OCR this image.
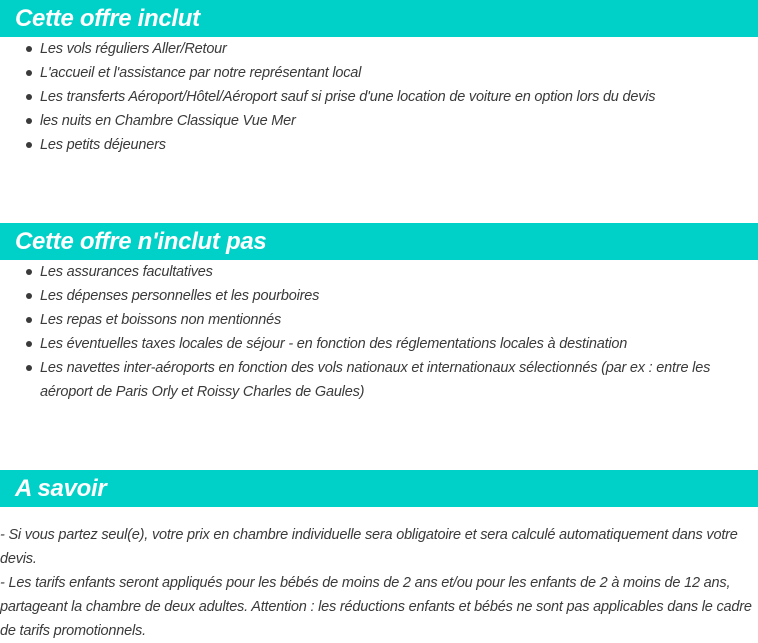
Cette offre inclut
Les vols réguliers Aller/Retour
L'accueil et l'assistance par notre représentant local
Les transferts Aéroport/Hôtel/Aéroport sauf si prise d'une location de voiture en option lors du devis
les nuits en Chambre Classique Vue Mer
Les petits déjeuners
Cette offre n'inclut pas
Les assurances facultatives
Les dépenses personnelles et les pourboires
Les repas et boissons non mentionnés
Les éventuelles taxes locales de séjour - en fonction des réglementations locales à destination
Les navettes inter-aéroports en fonction des vols nationaux et internationaux sélectionnés (par ex : entre les aéroport de Paris Orly et Roissy Charles de Gaules)
A savoir

- Si vous partez seul(e), votre prix en chambre individuelle sera obligatoire et sera calculé automatiquement dans votre devis.

- Les tarifs enfants seront appliqués pour les bébés de moins de 2 ans et/ou pour les enfants de 2 à moins de 12 ans, partageant la chambre de deux adultes. Attention : les réductions enfants et bébés ne sont pas applicables dans le cadre de tarifs promotionnels.
